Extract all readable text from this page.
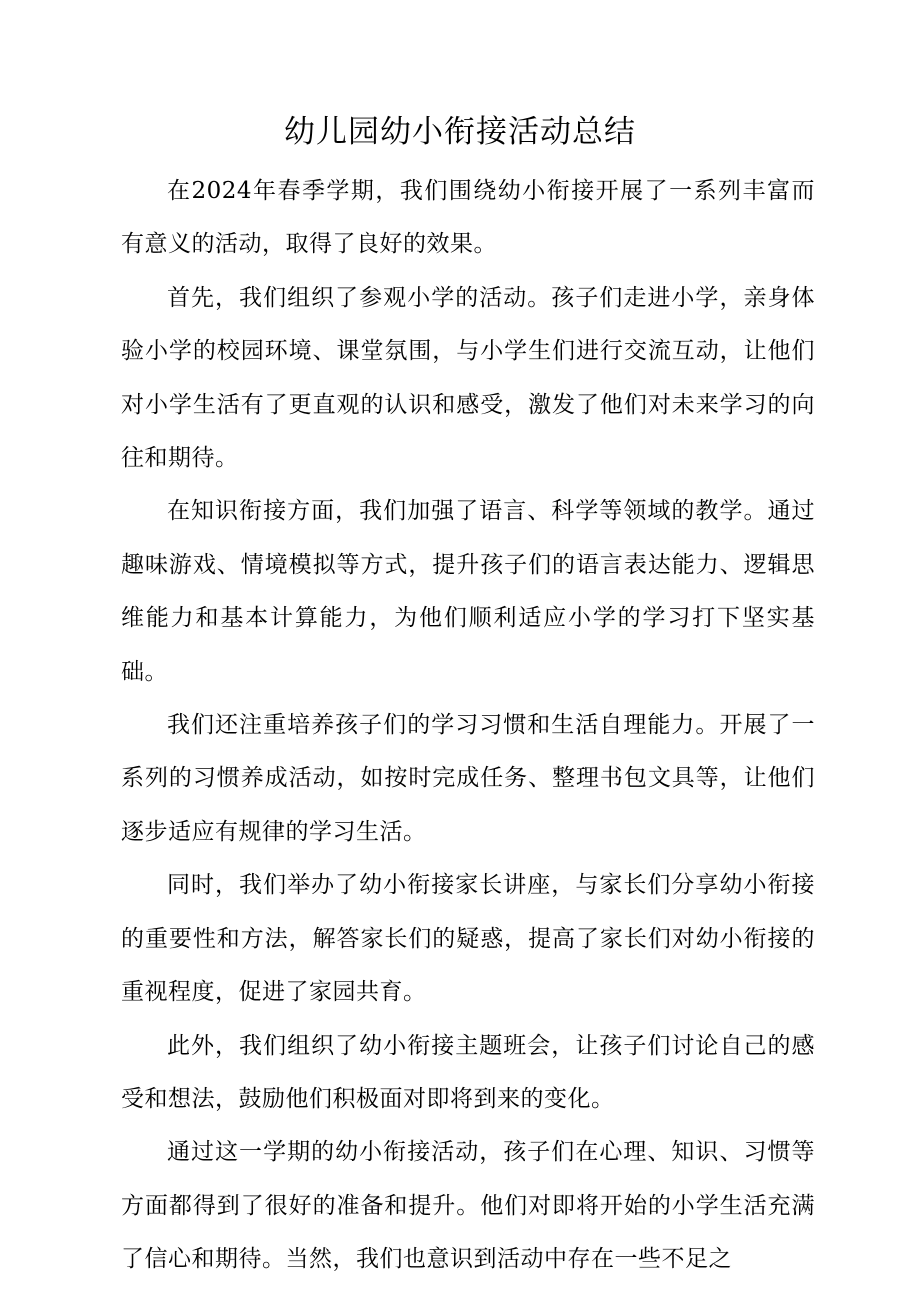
幼儿园幼小衔接活动总结

在2024年春季学期，我们围绕幼小衔接开展了一系列丰富而有意义的活动，取得了良好的效果。

首先，我们组织了参观小学的活动。孩子们走进小学，亲身体验小学的校园环境、课堂氛围，与小学生们进行交流互动，让他们对小学生活有了更直观的认识和感受，激发了他们对未来学习的向往和期待。

在知识衔接方面，我们加强了语言、科学等领域的教学。通过趣味游戏、情境模拟等方式，提升孩子们的语言表达能力、逻辑思维能力和基本计算能力，为他们顺利适应小学的学习打下坚实基础。

我们还注重培养孩子们的学习习惯和生活自理能力。开展了一系列的习惯养成活动，如按时完成任务、整理书包文具等，让他们逐步适应有规律的学习生活。

同时，我们举办了幼小衔接家长讲座，与家长们分享幼小衔接的重要性和方法，解答家长们的疑惑，提高了家长们对幼小衔接的重视程度，促进了家园共育。

此外，我们组织了幼小衔接主题班会，让孩子们讨论自己的感受和想法，鼓励他们积极面对即将到来的变化。

通过这一学期的幼小衔接活动，孩子们在心理、知识、习惯等方面都得到了很好的准备和提升。他们对即将开始的小学生活充满了信心和期待。当然，我们也意识到活动中存在一些不足之
